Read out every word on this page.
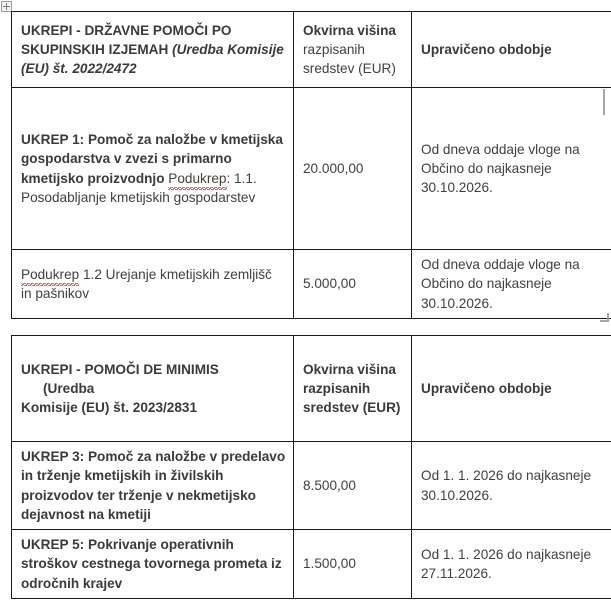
UKREPI - DRŽAVNE POMOČI PO SKUPINSKIH IZJEMAH (Uredba Komisije (EU) št. 2022/2472	Okvirna višina
razpisanih sredstev (EUR)	Upravičeno obdobje
UKREP 1: Pomoč za naložbe v kmetijska gospodarstva v zvezi s primarno kmetijsko proizvodnjo Podukrep: 1.1. Posodabljanje kmetijskih gospodarstev	20.000,00	Od dneva oddaje vloge na Občino do najkasneje 30.10.2026.
Podukrep 1.2 Urejanje kmetijskih zemljišč in pašnikov	5.000,00	Od dneva oddaje vloge na Občino do najkasneje 30.10.2026.
UKREPI - POMOČI DE MINIMIS
(Uredba
Komisije (EU) št. 2023/2831	Okvirna višina razpisanih sredstev (EUR)	Upravičeno obdobje
UKREP 3: Pomoč za naložbe v predelavo in trženje kmetijskih in živilskih proizvodov ter trženje v nekmetijsko dejavnost na kmetiji	8.500,00	Od 1. 1. 2026 do najkasneje 30.10.2026.
UKREP 5: Pokrivanje operativnih stroškov cestnega tovornega prometa iz odročnih krajev	1.500,00	Od 1. 1. 2026 do najkasneje 27.11.2026.
